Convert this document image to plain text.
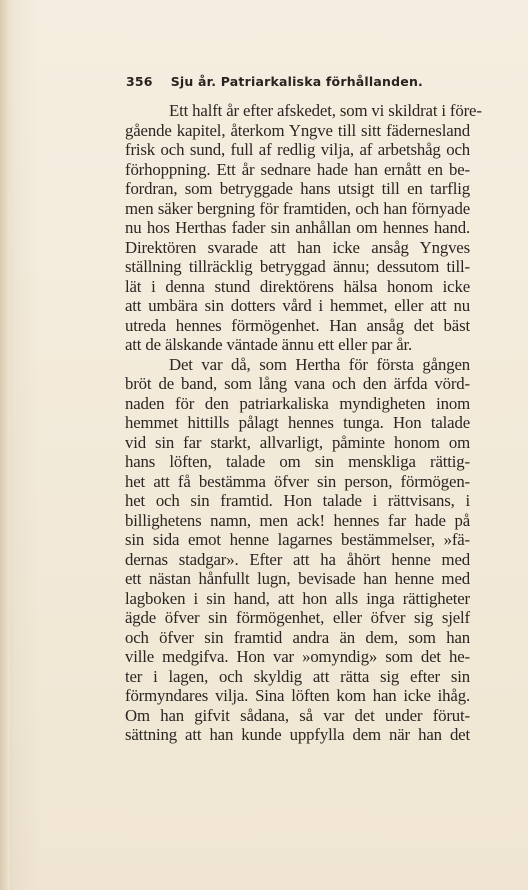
356 Sju år. Patriarkaliska förhållanden.
Ett halft år efter afskedet, som vi skildrat i före-
gående kapitel, återkom Yngve till sitt fädernesland
frisk och sund, full af redlig vilja, af arbetshåg och
förhoppning. Ett år sednare hade han ernått en be-
fordran, som betryggade hans utsigt till en tarflig
men säker bergning för framtiden, och han förnyade
nu hos Herthas fader sin anhållan om hennes hand.
Direktören svarade att han icke ansåg Yngves
ställning tillräcklig betryggad ännu; dessutom till-
lät i denna stund direktörens hälsa honom icke
att umbära sin dotters vård i hemmet, eller att nu
utreda hennes förmögenhet. Han ansåg det bäst
att de älskande väntade ännu ett eller par år.
Det var då, som Hertha för första gången
bröt de band, som lång vana och den ärfda vörd-
naden för den patriarkaliska myndigheten inom
hemmet hittills pålagt hennes tunga. Hon talade
vid sin far starkt, allvarligt, påminte honom om
hans löften, talade om sin menskliga rättig-
het att få bestämma öfver sin person, förmögen-
het och sin framtid. Hon talade i rättvisans, i
billighetens namn, men ack! hennes far hade på
sin sida emot henne lagarnes bestämmelser, »fä-
dernas stadgar». Efter att ha åhört henne med
ett nästan hånfullt lugn, bevisade han henne med
lagboken i sin hand, att hon alls inga rättigheter
ägde öfver sin förmögenhet, eller öfver sig sjelf
och öfver sin framtid andra än dem, som han
ville medgifva. Hon var »omyndig» som det he-
ter i lagen, och skyldig att rätta sig efter sin
förmyndares vilja. Sina löften kom han icke ihåg.
Om han gifvit sådana, så var det under förut-
sättning att han kunde uppfylla dem när han det
